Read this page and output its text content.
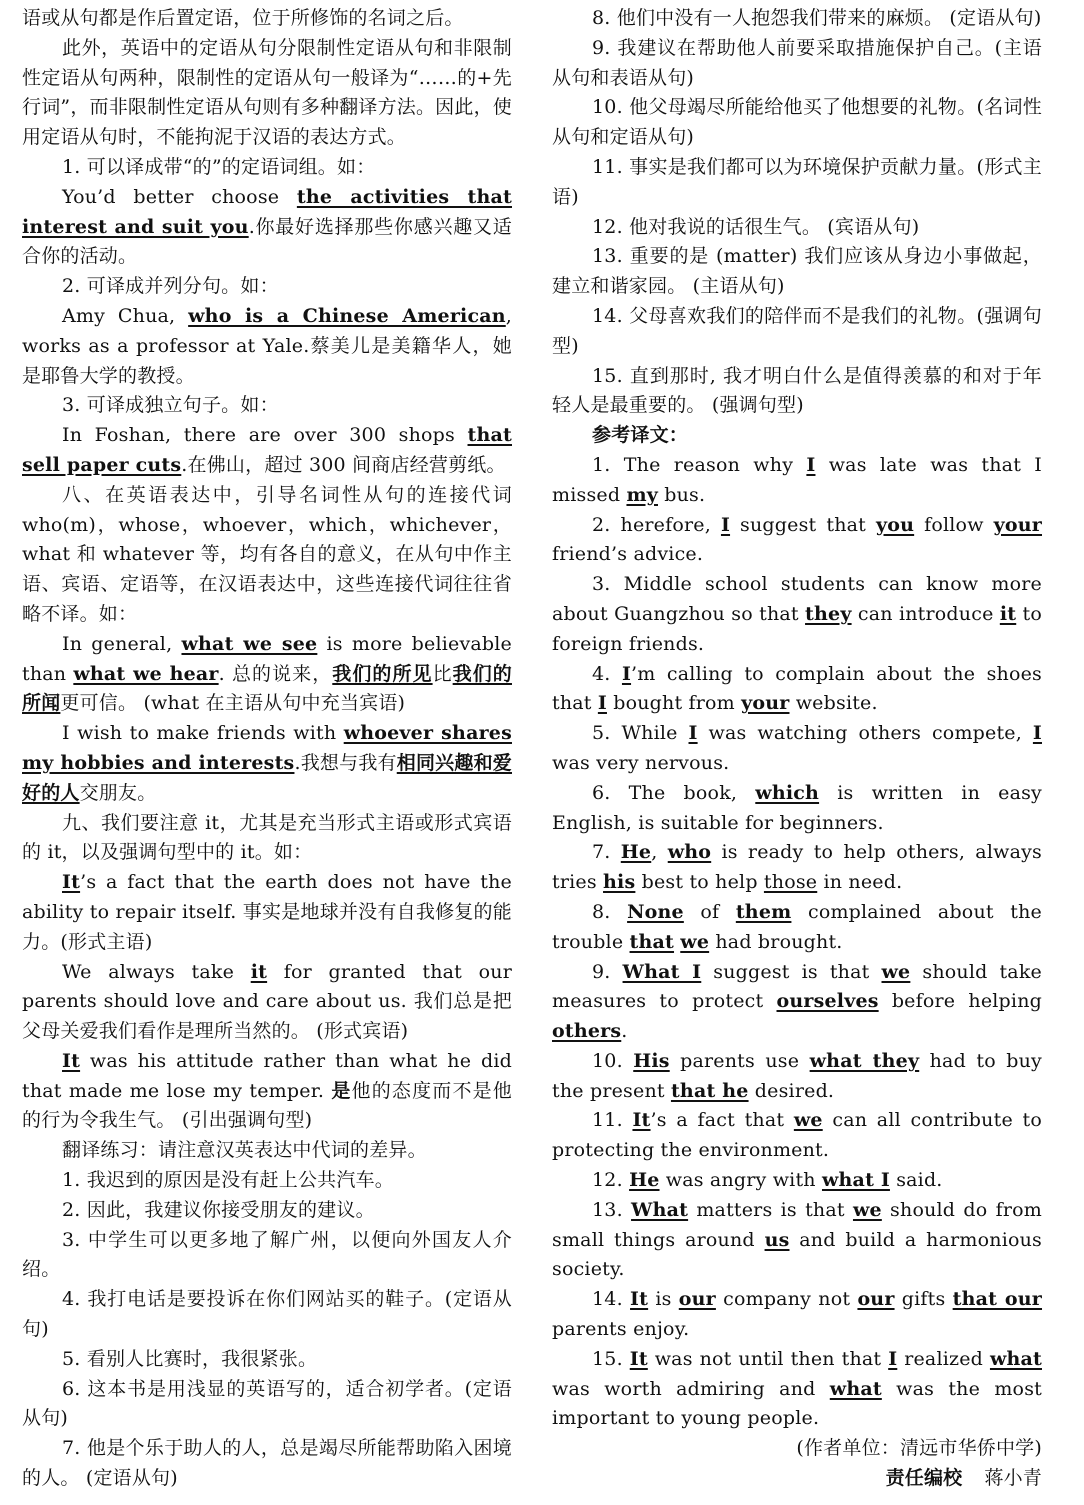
语或从句都是作后置定语，位于所修饰的名词之后。

此外，英语中的定语从句分限制性定语从句和非限制性定语从句两种，限制性的定语从句一般译为“……的+先行词”，而非限制性定语从句则有多种翻译方法。因此，使用定语从句时，不能拘泥于汉语的表达方式。

1. 可以译成带“的”的定语词组。如：

You’d better choose the activities that interest and suit you.你最好选择那些你感兴趣又适合你的活动。

2. 可译成并列分句。如：

Amy Chua, who is a Chinese American, works as a professor at Yale.蔡美儿是美籍华人，她是耶鲁大学的教授。

3. 可译成独立句子。如：

In Foshan, there are over 300 shops that sell paper cuts.在佛山，超过 300 间商店经营剪纸。

八、在英语表达中，引导名词性从句的连接代词 who(m)，whose，whoever，which，whichever，what 和 whatever 等，均有各自的意义，在从句中作主语、宾语、定语等，在汉语表达中，这些连接代词往往省略不译。如：

In general, what we see is more believable than what we hear. 总的说来，我们的所见比我们的所闻更可信。 (what 在主语从句中充当宾语)

I wish to make friends with whoever shares my hobbies and interests.我想与我有相同兴趣和爱好的人交朋友。

九、我们要注意 it，尤其是充当形式主语或形式宾语的 it，以及强调句型中的 it。如：

It’s a fact that the earth does not have the ability to repair itself. 事实是地球并没有自我修复的能力。(形式主语)

We always take it for granted that our parents should love and care about us. 我们总是把父母关爱我们看作是理所当然的。 (形式宾语)

It was his attitude rather than what he did that made me lose my temper. 是他的态度而不是他的行为令我生气。 (引出强调句型)

翻译练习：请注意汉英表达中代词的差异。

1. 我迟到的原因是没有赶上公共汽车。

2. 因此，我建议你接受朋友的建议。

3. 中学生可以更多地了解广州，以便向外国友人介绍。

4. 我打电话是要投诉在你们网站买的鞋子。(定语从句)

5. 看别人比赛时，我很紧张。

6. 这本书是用浅显的英语写的，适合初学者。(定语从句)

7. 他是个乐于助人的人，总是竭尽所能帮助陷入困境的人。 (定语从句)

8. 他们中没有一人抱怨我们带来的麻烦。 (定语从句)

9. 我建议在帮助他人前要采取措施保护自己。(主语从句和表语从句)

10. 他父母竭尽所能给他买了他想要的礼物。(名词性从句和定语从句)

11. 事实是我们都可以为环境保护贡献力量。(形式主语)

12. 他对我说的话很生气。 (宾语从句)

13. 重要的是 (matter) 我们应该从身边小事做起，建立和谐家园。 (主语从句)

14. 父母喜欢我们的陪伴而不是我们的礼物。(强调句型)

15. 直到那时, 我才明白什么是值得羡慕的和对于年轻人是最重要的。 (强调句型)

参考译文：

1. The reason why I was late was that I missed my bus.

2. herefore, I suggest that you follow your friend’s advice.

3. Middle school students can know more about Guangzhou so that they can introduce it to foreign friends.

4. I’m calling to complain about the shoes that I bought from your website.

5. While I was watching others compete, I was very nervous.

6. The book, which is written in easy English, is suitable for beginners.

7. He, who is ready to help others, always tries his best to help those in need.

8. None of them complained about the trouble that we had brought.

9. What I suggest is that we should take measures to protect ourselves before helping others.

10. His parents use what they had to buy the present that he desired.

11. It’s a fact that we can all contribute to protecting the environment.

12. He was angry with what I said.

13. What matters is that we should do from small things around us and build a harmonious society.

14. It is our company not our gifts that our parents enjoy.

15. It was not until then that I realized what was worth admiring and what was the most important to young people.

(作者单位：清远市华侨中学)

责任编校 蒋小青
